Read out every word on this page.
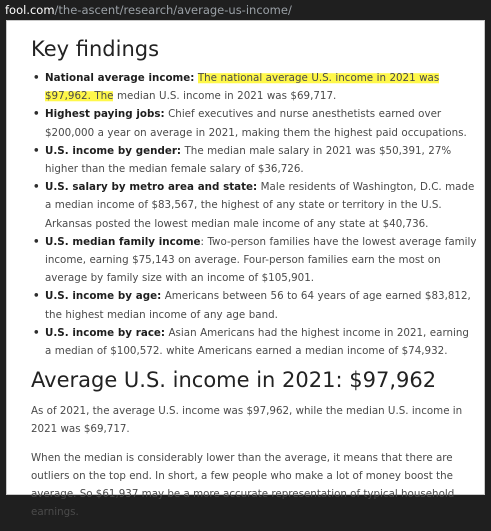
fool.com/the-ascent/research/average-us-income/
Key findings
• National average income: The national average U.S. income in 2021 was $97,962. The median U.S. income in 2021 was $69,717.
• Highest paying jobs: Chief executives and nurse anesthetists earned over $200,000 a year on average in 2021, making them the highest paid occupations.
• U.S. income by gender: The median male salary in 2021 was $50,391, 27% higher than the median female salary of $36,726.
• U.S. salary by metro area and state: Male residents of Washington, D.C. made a median income of $83,567, the highest of any state or territory in the U.S. Arkansas posted the lowest median male income of any state at $40,736.
• U.S. median family income: Two-person families have the lowest average family income, earning $75,143 on average. Four-person families earn the most on average by family size with an income of $105,901.
• U.S. income by age: Americans between 56 to 64 years of age earned $83,812, the highest median income of any age band.
• U.S. income by race: Asian Americans had the highest income in 2021, earning a median of $100,572. white Americans earned a median income of $74,932.
Average U.S. income in 2021: $97,962

As of 2021, the average U.S. income was $97,962, while the median U.S. income in 2021 was $69,717.

When the median is considerably lower than the average, it means that there are outliers on the top end. In short, a few people who make a lot of money boost the average. So $61,937 may be a more accurate representation of typical household earnings.
